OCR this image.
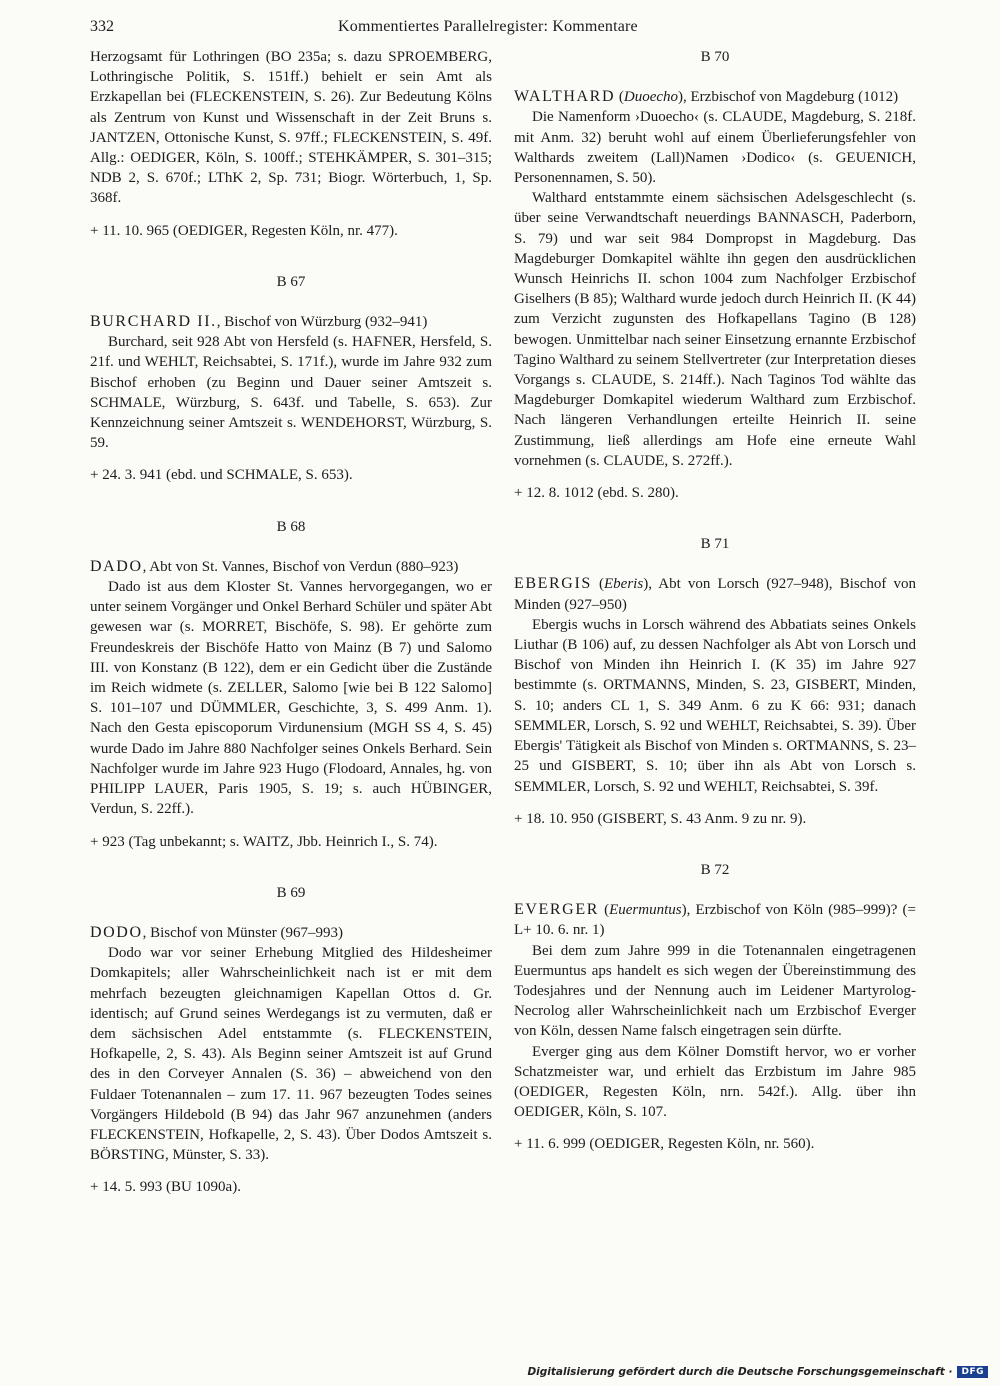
332	Kommentiertes Parallelregister: Kommentare

Herzogsamt für Lothringen (BO 235a; s. dazu SPROEMBERG, Lothringische Politik, S. 151ff.) behielt er sein Amt als Erzkapellan bei (FLECKENSTEIN, S. 26). Zur Bedeutung Kölns als Zentrum von Kunst und Wissenschaft in der Zeit Bruns s. JANTZEN, Ottonische Kunst, S. 97ff.; FLECKENSTEIN, S. 49f. Allg.: OEDIGER, Köln, S. 100ff.; STEHKÄMPER, S. 301–315; NDB 2, S. 670f.; LThK 2, Sp. 731; Biogr. Wörterbuch, 1, Sp. 368f.

+ 11. 10. 965 (OEDIGER, Regesten Köln, nr. 477).

B 67

BURCHARD II., Bischof von Würzburg (932–941)

Burchard, seit 928 Abt von Hersfeld (s. HAFNER, Hersfeld, S. 21f. und WEHLT, Reichsabtei, S. 171f.), wurde im Jahre 932 zum Bischof erhoben (zu Beginn und Dauer seiner Amtszeit s. SCHMALE, Würzburg, S. 643f. und Tabelle, S. 653). Zur Kennzeichnung seiner Amtszeit s. WENDEHORST, Würzburg, S. 59.

+ 24. 3. 941 (ebd. und SCHMALE, S. 653).

B 68

DADO, Abt von St. Vannes, Bischof von Verdun (880–923)

Dado ist aus dem Kloster St. Vannes hervorgegangen, wo er unter seinem Vorgänger und Onkel Berhard Schüler und später Abt gewesen war (s. MORRET, Bischöfe, S. 98). Er gehörte zum Freundeskreis der Bischöfe Hatto von Mainz (B 7) und Salomo III. von Konstanz (B 122), dem er ein Gedicht über die Zustände im Reich widmete (s. ZELLER, Salomo [wie bei B 122 Salomo] S. 101–107 und DÜMMLER, Geschichte, 3, S. 499 Anm. 1). Nach den Gesta episcoporum Virdunensium (MGH SS 4, S. 45) wurde Dado im Jahre 880 Nachfolger seines Onkels Berhard. Sein Nachfolger wurde im Jahre 923 Hugo (Flodoard, Annales, hg. von PHILIPP LAUER, Paris 1905, S. 19; s. auch HÜBINGER, Verdun, S. 22ff.).

+ 923 (Tag unbekannt; s. WAITZ, Jbb. Heinrich I., S. 74).

B 69

DODO, Bischof von Münster (967–993)

Dodo war vor seiner Erhebung Mitglied des Hildesheimer Domkapitels; aller Wahrscheinlichkeit nach ist er mit dem mehrfach bezeugten gleichnamigen Kapellan Ottos d. Gr. identisch; auf Grund seines Werdegangs ist zu vermuten, daß er dem sächsischen Adel entstammte (s. FLECKENSTEIN, Hofkapelle, 2, S. 43). Als Beginn seiner Amtszeit ist auf Grund des in den Corveyer Annalen (S. 36) – abweichend von den Fuldaer Totenannalen – zum 17. 11. 967 bezeugten Todes seines Vorgängers Hildebold (B 94) das Jahr 967 anzunehmen (anders FLECKENSTEIN, Hofkapelle, 2, S. 43). Über Dodos Amtszeit s. BÖRSTING, Münster, S. 33).

+ 14. 5. 993 (BU 1090a).

B 70

WALTHARD (Duoecho), Erzbischof von Magdeburg (1012)

Die Namenform ›Duoecho‹ (s. CLAUDE, Magdeburg, S. 218f. mit Anm. 32) beruht wohl auf einem Überlieferungsfehler von Walthards zweitem (Lall)Namen ›Dodico‹ (s. GEUENICH, Personennamen, S. 50).

Walthard entstammte einem sächsischen Adelsgeschlecht (s. über seine Verwandtschaft neuerdings BANNASCH, Paderborn, S. 79) und war seit 984 Dompropst in Magdeburg. Das Magdeburger Domkapitel wählte ihn gegen den ausdrücklichen Wunsch Heinrichs II. schon 1004 zum Nachfolger Erzbischof Giselhers (B 85); Walthard wurde jedoch durch Heinrich II. (K 44) zum Verzicht zugunsten des Hofkapellans Tagino (B 128) bewogen. Unmittelbar nach seiner Einsetzung ernannte Erzbischof Tagino Walthard zu seinem Stellvertreter (zur Interpretation dieses Vorgangs s. CLAUDE, S. 214ff.). Nach Taginos Tod wählte das Magdeburger Domkapitel wiederum Walthard zum Erzbischof. Nach längeren Verhandlungen erteilte Heinrich II. seine Zustimmung, ließ allerdings am Hofe eine erneute Wahl vornehmen (s. CLAUDE, S. 272ff.).

+ 12. 8. 1012 (ebd. S. 280).

B 71

EBERGIS (Eberis), Abt von Lorsch (927–948), Bischof von Minden (927–950)

Ebergis wuchs in Lorsch während des Abbatiats seines Onkels Liuthar (B 106) auf, zu dessen Nachfolger als Abt von Lorsch und Bischof von Minden ihn Heinrich I. (K 35) im Jahre 927 bestimmte (s. ORTMANNS, Minden, S. 23, GISBERT, Minden, S. 10; anders CL 1, S. 349 Anm. 6 zu K 66: 931; danach SEMMLER, Lorsch, S. 92 und WEHLT, Reichsabtei, S. 39). Über Ebergis' Tätigkeit als Bischof von Minden s. ORTMANNS, S. 23–25 und GISBERT, S. 10; über ihn als Abt von Lorsch s. SEMMLER, Lorsch, S. 92 und WEHLT, Reichsabtei, S. 39f.

+ 18. 10. 950 (GISBERT, S. 43 Anm. 9 zu nr. 9).

B 72

EVERGER (Euermuntus), Erzbischof von Köln (985–999)? (= L+ 10. 6. nr. 1)

Bei dem zum Jahre 999 in die Totenannalen eingetragenen Euermuntus aps handelt es sich wegen der Übereinstimmung des Todesjahres und der Nennung auch im Leidener Martyrolog-Necrolog aller Wahrscheinlichkeit nach um Erzbischof Everger von Köln, dessen Name falsch eingetragen sein dürfte.

Everger ging aus dem Kölner Domstift hervor, wo er vorher Schatzmeister war, und erhielt das Erzbistum im Jahre 985 (OEDIGER, Regesten Köln, nrn. 542f.). Allg. über ihn OEDIGER, Köln, S. 107.

+ 11. 6. 999 (OEDIGER, Regesten Köln, nr. 560).

Digitalisierung gefördert durch die Deutsche Forschungsgemeinschaft ·	DFG
